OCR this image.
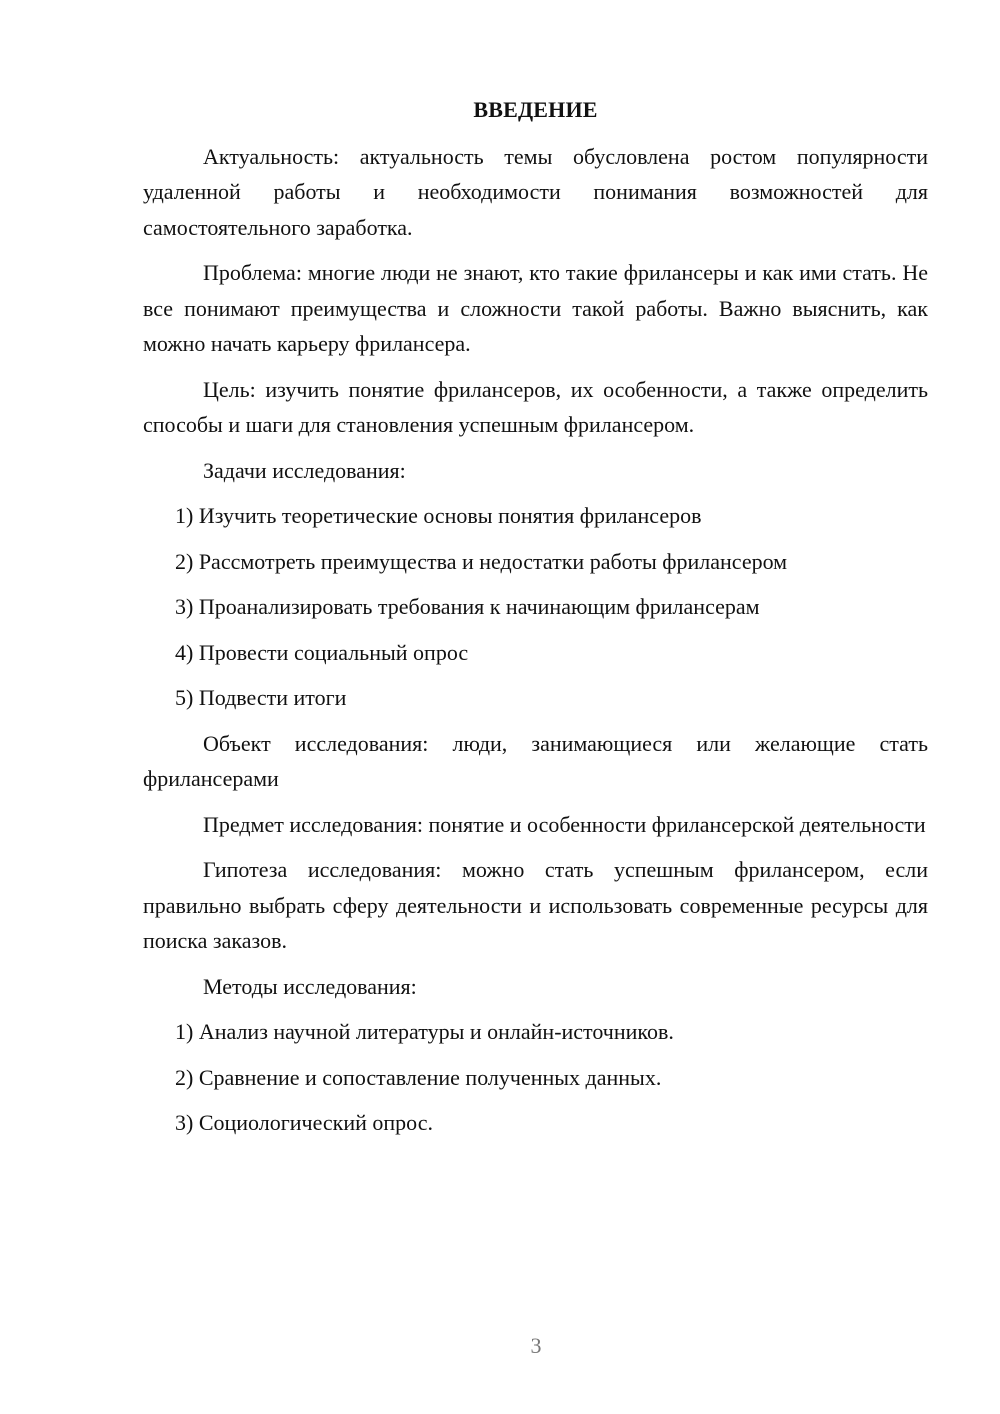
ВВЕДЕНИЕ
Актуальность: актуальность темы обусловлена ростом популярности удаленной работы и необходимости понимания возможностей для самостоятельного заработка.
Проблема: многие люди не знают, кто такие фрилансеры и как ими стать. Не все понимают преимущества и сложности такой работы. Важно выяснить, как можно начать карьеру фрилансера.
Цель: изучить понятие фрилансеров, их особенности, а также определить способы и шаги для становления успешным фрилансером.
Задачи исследования:
1) Изучить теоретические основы понятия фрилансеров
2) Рассмотреть преимущества и недостатки работы фрилансером
3) Проанализировать требования к начинающим фрилансерам
4) Провести социальный опрос
5) Подвести итоги
Объект исследования: люди, занимающиеся или желающие стать фрилансерами
Предмет исследования: понятие и особенности фрилансерской деятельности
Гипотеза исследования: можно стать успешным фрилансером, если правильно выбрать сферу деятельности и использовать современные ресурсы для поиска заказов.
Методы исследования:
1) Анализ научной литературы и онлайн-источников.
2) Сравнение и сопоставление полученных данных.
3) Социологический опрос.
3
